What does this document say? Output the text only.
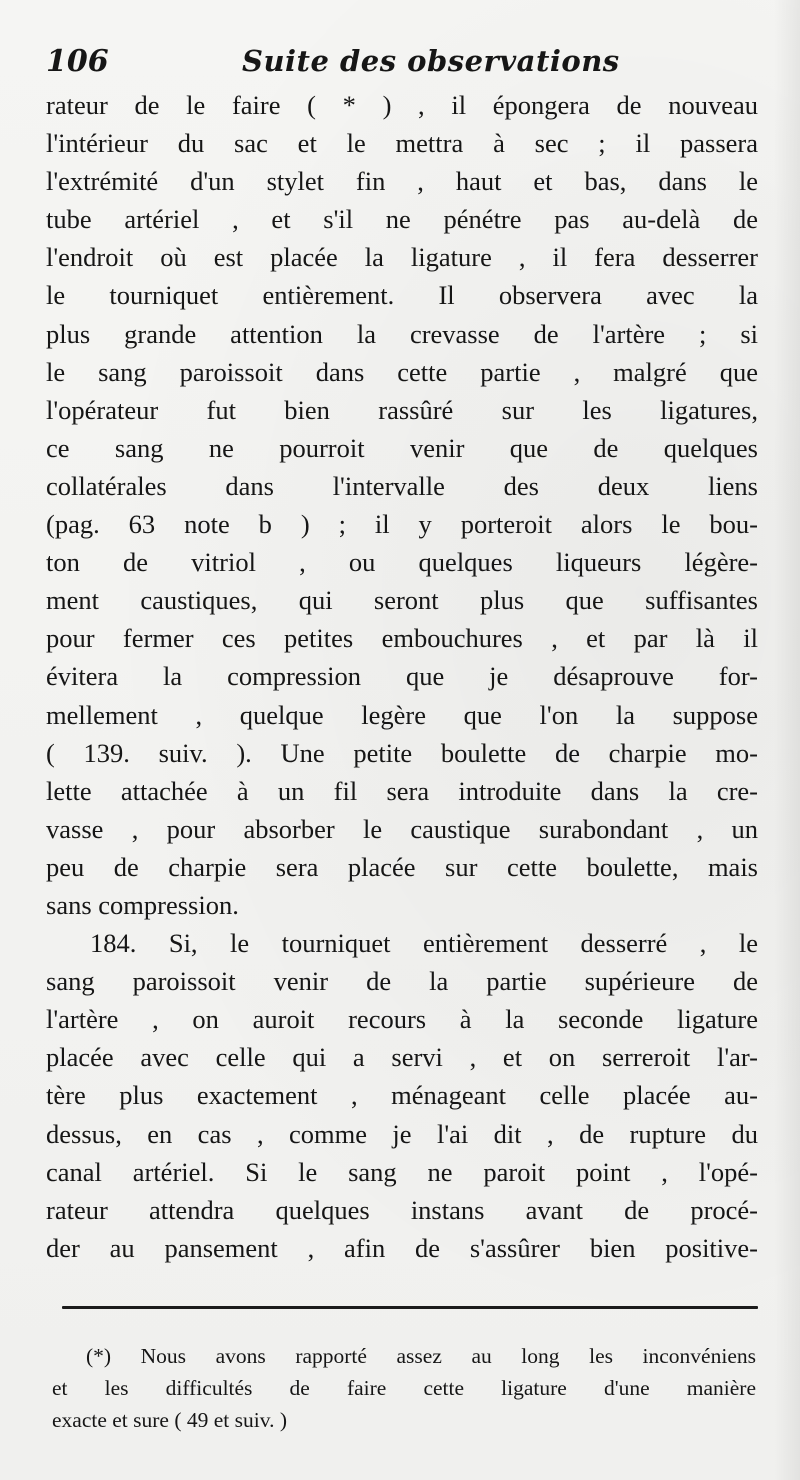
106	Suite des observations
rateur de le faire ( * ) , il épongera de nouveau
l'intérieur du sac et le mettra à sec ; il passera
l'extrémité d'un stylet fin , haut et bas, dans le
tube artériel , et s'il ne pénétre pas au-delà de
l'endroit où est placée la ligature , il fera desserrer
le tourniquet entièrement. Il observera avec la
plus grande attention la crevasse de l'artère ; si
le sang paroissoit dans cette partie , malgré que
l'opérateur fut bien rassûré sur les ligatures,
ce sang ne pourroit venir que de quelques
collatérales dans l'intervalle des deux liens
(pag. 63 note b ) ; il y porteroit alors le bou-
ton de vitriol , ou quelques liqueurs légère-
ment caustiques, qui seront plus que suffisantes
pour fermer ces petites embouchures , et par là il
évitera la compression que je désaprouve for-
mellement , quelque legère que l'on la suppose
( 139. suiv. ). Une petite boulette de charpie mo-
lette attachée à un fil sera introduite dans la cre-
vasse , pour absorber le caustique surabondant , un
peu de charpie sera placée sur cette boulette, mais
sans compression.
184. Si, le tourniquet entièrement desserré , le
sang paroissoit venir de la partie supérieure de
l'artère , on auroit recours à la seconde ligature
placée avec celle qui a servi , et on serreroit l'ar-
tère plus exactement , ménageant celle placée au-
dessus, en cas , comme je l'ai dit , de rupture du
canal artériel. Si le sang ne paroit point , l'opé-
rateur attendra quelques instans avant de procé-
der au pansement , afin de s'assûrer bien positive-
(*) Nous avons rapporté assez au long les inconvéniens
et les difficultés de faire cette ligature d'une manière
exacte et sure ( 49 et suiv. )
